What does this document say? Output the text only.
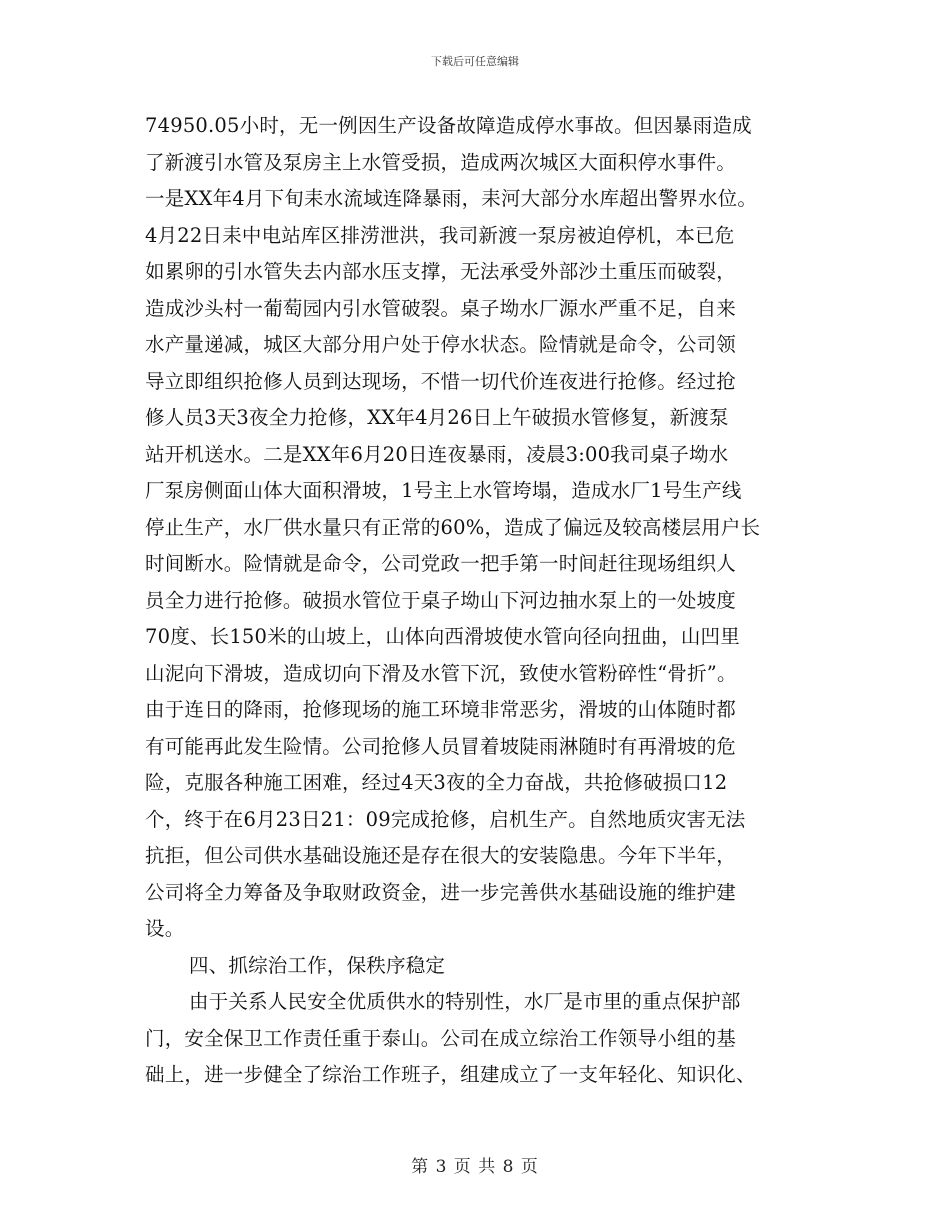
下载后可任意编辑
74950.05小时，无一例因生产设备故障造成停水事故。但因暴雨造成
了新渡引水管及泵房主上水管受损，造成两次城区大面积停水事件。
一是XX年4月下旬耒水流域连降暴雨，耒河大部分水库超出警界水位。
4月22日耒中电站库区排涝泄洪，我司新渡一泵房被迫停机，本已危
如累卵的引水管失去内部水压支撑，无法承受外部沙土重压而破裂，
造成沙头村一葡萄园内引水管破裂。桌子坳水厂源水严重不足，自来
水产量递减，城区大部分用户处于停水状态。险情就是命令，公司领
导立即组织抢修人员到达现场，不惜一切代价连夜进行抢修。经过抢
修人员3天3夜全力抢修，XX年4月26日上午破损水管修复，新渡泵
站开机送水。二是XX年6月20日连夜暴雨，凌晨3:00我司桌子坳水
厂泵房侧面山体大面积滑坡，1号主上水管垮塌，造成水厂1号生产线
停止生产，水厂供水量只有正常的60%，造成了偏远及较高楼层用户长
时间断水。险情就是命令，公司党政一把手第一时间赶往现场组织人
员全力进行抢修。破损水管位于桌子坳山下河边抽水泵上的一处坡度
70度、长150米的山坡上，山体向西滑坡使水管向径向扭曲，山凹里
山泥向下滑坡，造成切向下滑及水管下沉，致使水管粉碎性“骨折”。
由于连日的降雨，抢修现场的施工环境非常恶劣，滑坡的山体随时都
有可能再此发生险情。公司抢修人员冒着坡陡雨淋随时有再滑坡的危
险，克服各种施工困难，经过4天3夜的全力奋战，共抢修破损口12
个，终于在6月23日21：09完成抢修，启机生产。自然地质灾害无法
抗拒，但公司供水基础设施还是存在很大的安装隐患。今年下半年，
公司将全力筹备及争取财政资金，进一步完善供水基础设施的维护建
设。
四、抓综治工作，保秩序稳定
由于关系人民安全优质供水的特别性，水厂是市里的重点保护部
门，安全保卫工作责任重于泰山。公司在成立综治工作领导小组的基
础上，进一步健全了综治工作班子，组建成立了一支年轻化、知识化、
第 3 页 共 8 页
